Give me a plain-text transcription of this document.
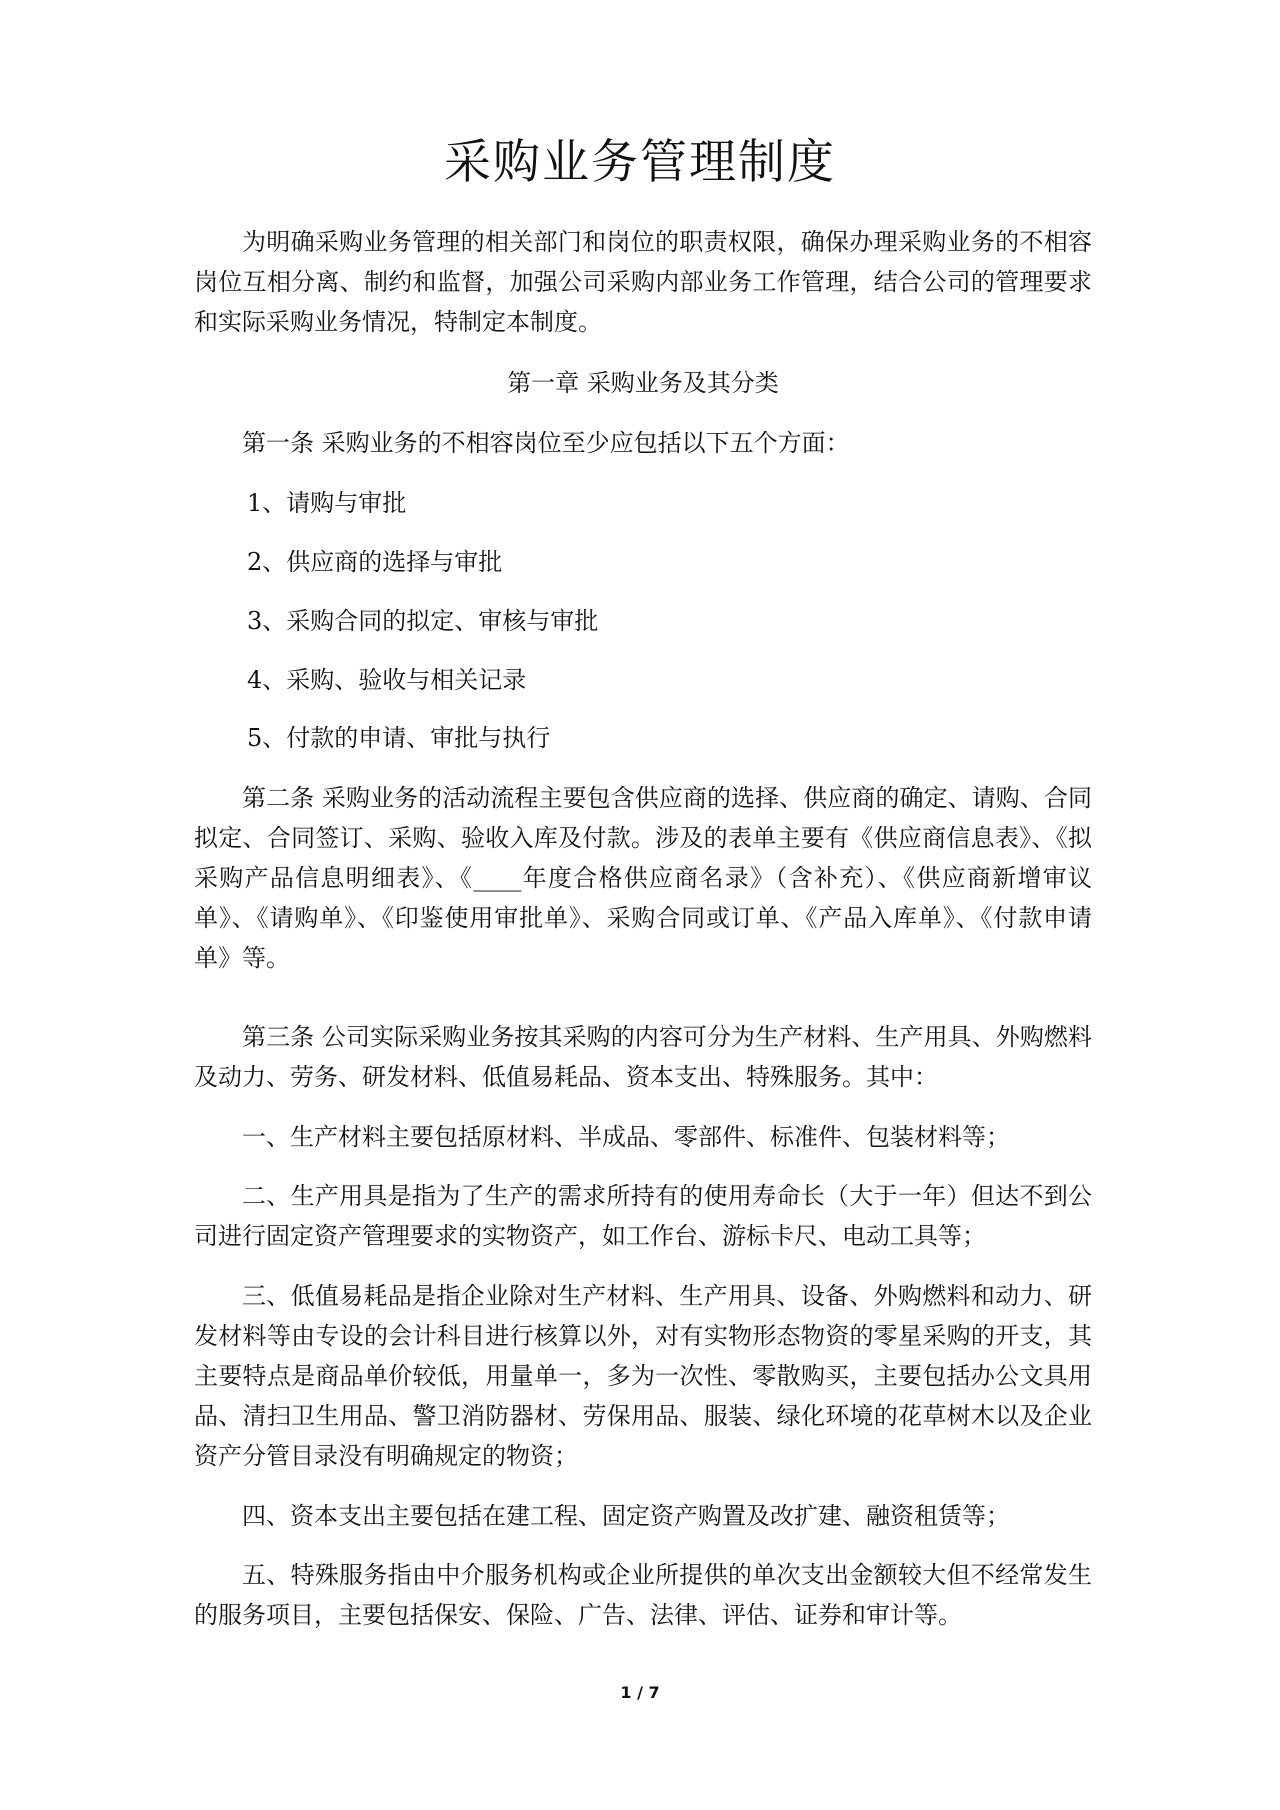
采购业务管理制度

为明确采购业务管理的相关部门和岗位的职责权限，确保办理采购业务的不相容岗位互相分离、制约和监督，加强公司采购内部业务工作管理，结合公司的管理要求和实际采购业务情况，特制定本制度。

第一章 采购业务及其分类

第一条 采购业务的不相容岗位至少应包括以下五个方面：

1、请购与审批

2、供应商的选择与审批

3、采购合同的拟定、审核与审批

4、采购、验收与相关记录

5、付款的申请、审批与执行

第二条 采购业务的活动流程主要包含供应商的选择、供应商的确定、请购、合同拟定、合同签订、采购、验收入库及付款。涉及的表单主要有《供应商信息表》、《拟采购产品信息明细表》、《____年度合格供应商名录》（含补充）、《供应商新增审议单》、《请购单》、《印鉴使用审批单》、采购合同或订单、《产品入库单》、《付款申请单》等。

第三条 公司实际采购业务按其采购的内容可分为生产材料、生产用具、外购燃料及动力、劳务、研发材料、低值易耗品、资本支出、特殊服务。其中：

一、生产材料主要包括原材料、半成品、零部件、标准件、包装材料等；

二、生产用具是指为了生产的需求所持有的使用寿命长（大于一年）但达不到公司进行固定资产管理要求的实物资产，如工作台、游标卡尺、电动工具等；

三、低值易耗品是指企业除对生产材料、生产用具、设备、外购燃料和动力、研发材料等由专设的会计科目进行核算以外，对有实物形态物资的零星采购的开支，其主要特点是商品单价较低，用量单一，多为一次性、零散购买，主要包括办公文具用品、清扫卫生用品、警卫消防器材、劳保用品、服装、绿化环境的花草树木以及企业资产分管目录没有明确规定的物资；

四、资本支出主要包括在建工程、固定资产购置及改扩建、融资租赁等；

五、特殊服务指由中介服务机构或企业所提供的单次支出金额较大但不经常发生的服务项目，主要包括保安、保险、广告、法律、评估、证券和审计等。

1 / 7
